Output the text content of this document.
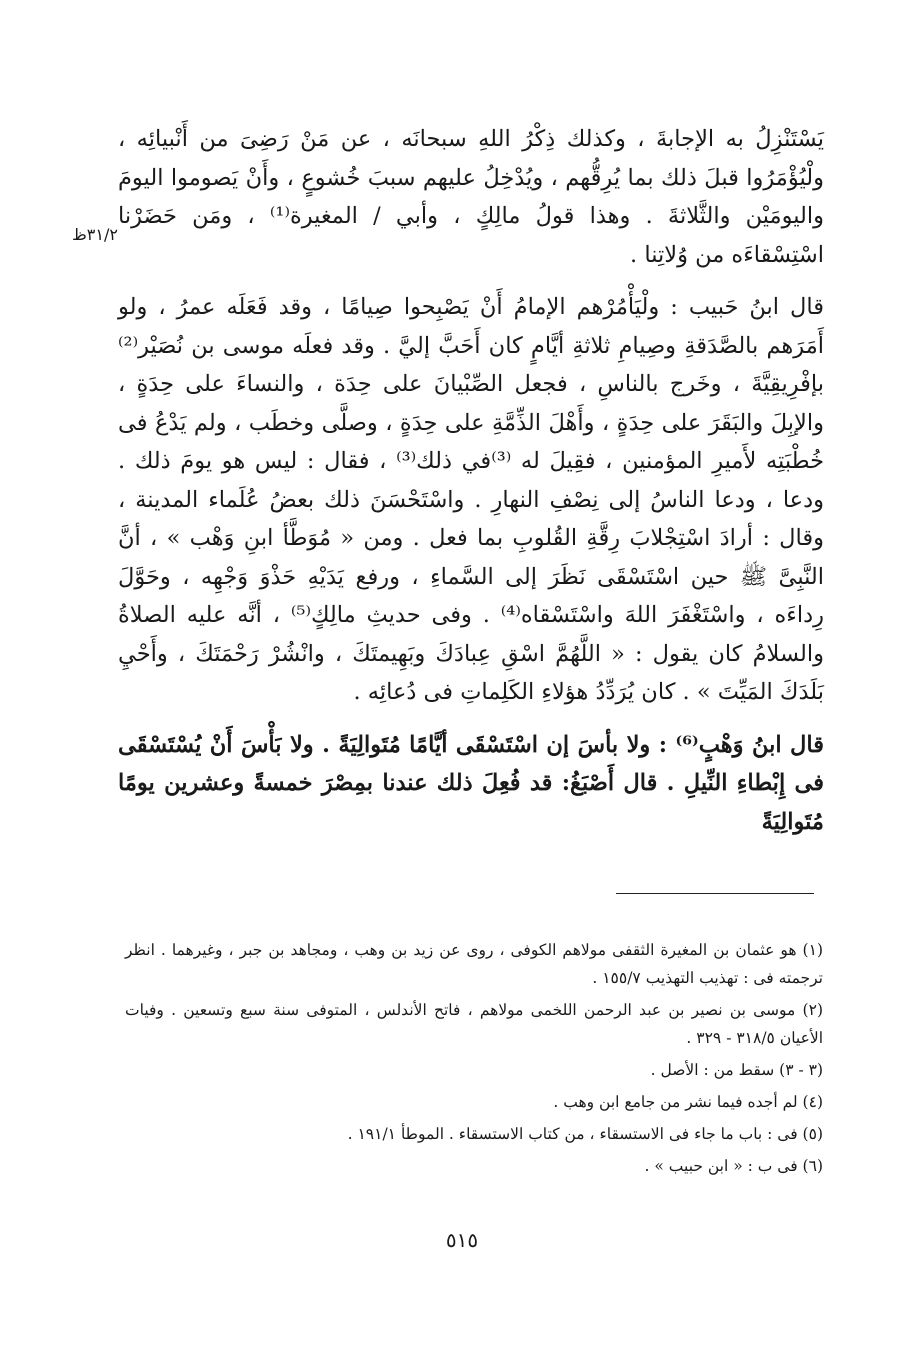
٣١/٢ظ

يَسْتَنْزِلُ به الإجابةَ ، وكذلك ذِكْرُ اللهِ سبحانَه ، عن مَنْ رَضِىَ من أَنْبيائِه ، ولْيُؤْمَرُوا قبلَ ذلك بما يُرِقُّهم ، ويُدْخِلُ عليهم سببَ خُشوعٍ ، وأَنْ يَصوموا اليومَ واليومَيْن والثَّلاثةَ . وهذا قولُ مالِكٍ ، وأبي / المغيرة⁽¹⁾ ، ومَن حَضَرْنا اسْتِسْقاءَه من وُلاتِنا .

قال ابنُ حَبيب : ولْيَأْمُرْهم الإمامُ أَنْ يَصْبِحوا صِيامًا ، وقد فَعَلَه عمرُ ، ولو أَمَرَهم بالصَّدَقةِ وصِيامِ ثلاثةِ أيَّامٍ كان أَحَبَّ إليَّ . وقد فعلَه موسى بن نُصَيْر⁽²⁾ بإفْرِيقِيَّةَ ، وخَرج بالناسِ ، فجعل الصِّبْيانَ على حِدَة ، والنساءَ على حِدَةٍ ، والإبِلَ والبَقَرَ على حِدَةٍ ، وأَهْلَ الذِّمَّةِ على حِدَةٍ ، وصلَّى وخطَب ، ولم يَدْعُ فى خُطْبَتِه لأَميرِ المؤمنين ، فقِيلَ له ⁽³⁾في ذلك⁽³⁾ ، فقال : ليس هو يومَ ذلك . ودعا ، ودعا الناسُ إلى نِصْفِ النهارِ . واسْتَحْسَنَ ذلك بعضُ عُلَماء المدينة ، وقال : أرادَ اسْتِجْلابَ رِقَّةِ القُلوبِ بما فعل . ومن « مُوَطَّأ ابنِ وَهْب » ، أنَّ النَّبِىَّ ﷺ حين اسْتَسْقَى نَظَرَ إلى السَّماءِ ، ورفع يَدَيْهِ حَذْوَ وَجْهِه ، وحَوَّلَ رِداءَه ، واسْتَغْفَرَ اللهَ واسْتَسْقاه⁽⁴⁾ . وفى حديثِ مالِكٍ⁽⁵⁾ ، أنَّه عليه الصلاةُ والسلامُ كان يقول : « اللَّهُمَّ اسْقِ عِبادَكَ وبَهِيمتَكَ ، وانْشُرْ رَحْمَتَكَ ، وأَحْيِ بَلَدَكَ المَيِّتَ » . كان يُرَدِّدُ هؤلاءِ الكَلِماتِ فى دُعائِه .

قال ابنُ وَهْبٍ⁽⁶⁾ : ولا بأسَ إن اسْتَسْقَى أيَّامًا مُتَوالِيَةً . ولا بَأْسَ أَنْ يُسْتَسْقَى فى إِبْطاءِ النِّيلِ . قال أَصْبَغُ: قد فُعِلَ ذلك عندنا بمِصْرَ خمسةً وعشرين يومًا مُتَوالِيَةً

(١) هو عثمان بن المغيرة الثقفى مولاهم الكوفى ، روى عن زيد بن وهب ، ومجاهد بن جبر ، وغيرهما . انظر ترجمته فى : تهذيب التهذيب ١٥٥/٧ .

(٢) موسى بن نصير بن عبد الرحمن اللخمى مولاهم ، فاتح الأندلس ، المتوفى سنة سبع وتسعين . وفيات الأعيان ٣١٨/٥ - ٣٢٩ .

(٣ - ٣) سقط من : الأصل .

(٤) لم أجده فيما نشر من جامع ابن وهب .

(٥) فى : باب ما جاء فى الاستسقاء ، من كتاب الاستسقاء . الموطأ ١٩١/١ .

(٦) فى ب : « ابن حبيب » .

٥١٥
